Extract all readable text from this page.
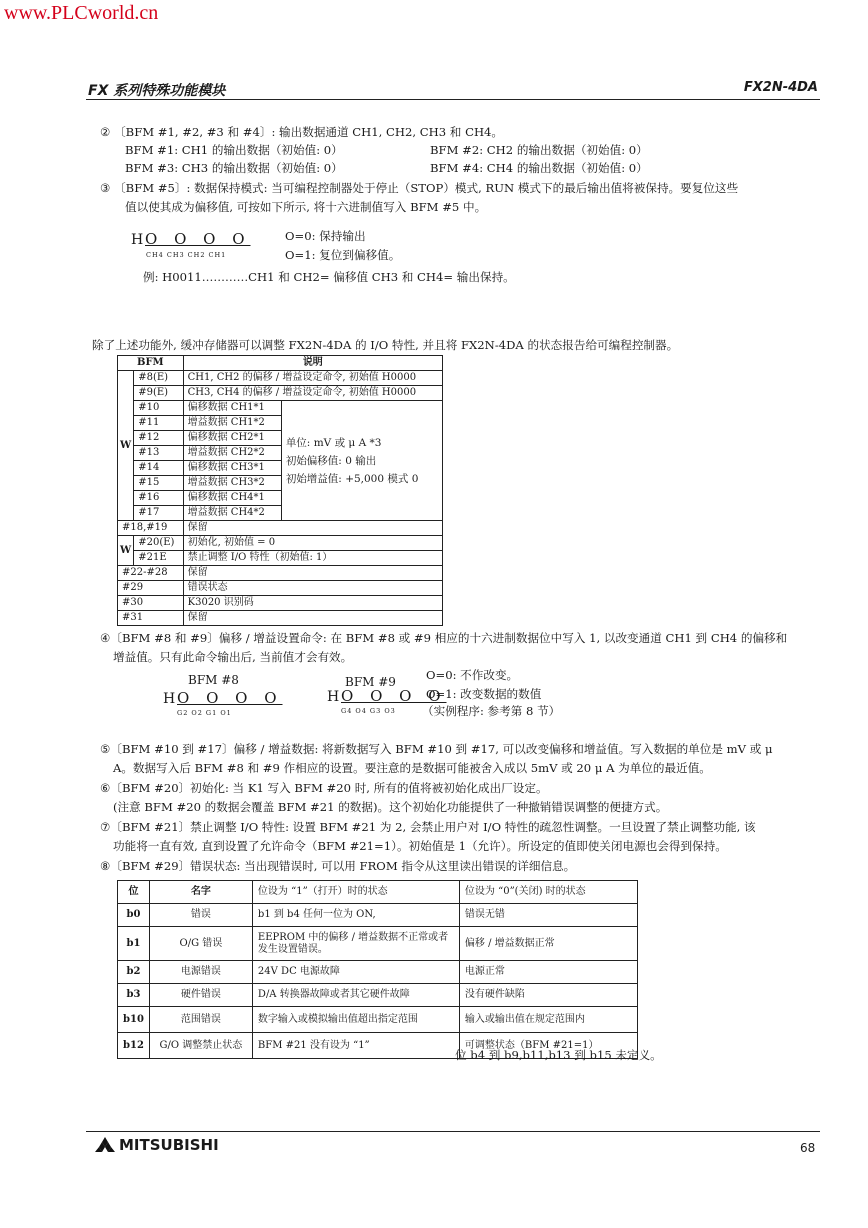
www.PLCworld.cn
FX 系列特殊功能模块	FX2N-4DA
② 〔BFM #1, #2, #3 和 #4〕: 输出数据通道 CH1, CH2, CH3 和 CH4。
BFM #1: CH1 的输出数据（初始值: 0）	BFM #2: CH2 的输出数据（初始值: 0）
BFM #3: CH3 的输出数据（初始值: 0）	BFM #4: CH4 的输出数据（初始值: 0）
③ 〔BFM #5〕: 数据保持模式: 当可编程控制器处于停止（STOP）模式, RUN 模式下的最后输出值将被保持。要复位这些
值以使其成为偏移值, 可按如下所示, 将十六进制值写入 BFM #5 中。
H O O O O
CH4 CH3 CH2 CH1
O=0: 保持输出
O=1: 复位到偏移值。
例: H0011…………CH1 和 CH2= 偏移值 CH3 和 CH4= 输出保持。
除了上述功能外, 缓冲存储器可以调整 FX2N-4DA 的 I/O 特性, 并且将 FX2N-4DA 的状态报告给可编程控制器。
BFM		说明	
W	#8(E)	CH1, CH2 的偏移 / 增益设定命令, 初始值 H0000	
	#9(E)	CH3, CH4 的偏移 / 增益设定命令, 初始值 H0000	
	#10	偏移数据 CH1*1	单位: mV 或 μ A *3
初始偏移值: 0 输出
初始增益值: +5,000 模式 0

	#11	增益数据 CH1*2	
	#12	偏移数据 CH2*1	
	#13	增益数据 CH2*2	
	#14	偏移数据 CH3*1	
	#15	增益数据 CH3*2	
	#16	偏移数据 CH4*1	
	#17	增益数据 CH4*2	
#18,#19		保留	
W	#20(E)	初始化, 初始值 = 0	
	#21E	禁止调整 I/O 特性（初始值: 1）	
#22-#28		保留	
#29		错误状态	
#30		K3020 识别码	
#31		保留	
④〔BFM #8 和 #9〕偏移 / 增益设置命令: 在 BFM #8 或 #9 相应的十六进制数据位中写入 1, 以改变通道 CH1 到 CH4 的偏移和
增益值。只有此命令输出后, 当前值才会有效。
BFM #8	BFM #9
H O O O O
G2 O2 G1 O1
H O O O O
G4 O4 G3 O3
O=0: 不作改变。
O=1: 改变数据的数值
（实例程序: 参考第 8 节）
⑤〔BFM #10 到 #17〕偏移 / 增益数据: 将新数据写入 BFM #10 到 #17, 可以改变偏移和增益值。写入数据的单位是 mV 或 μ
A。数据写入后 BFM #8 和 #9 作相应的设置。要注意的是数据可能被舍入成以 5mV 或 20 μ A 为单位的最近值。
⑥〔BFM #20〕初始化: 当 K1 写入 BFM #20 时, 所有的值将被初始化成出厂设定。
(注意 BFM #20 的数据会覆盖 BFM #21 的数据)。这个初始化功能提供了一种撤销错误调整的便捷方式。
⑦〔BFM #21〕禁止调整 I/O 特性: 设置 BFM #21 为 2, 会禁止用户对 I/O 特性的疏忽性调整。一旦设置了禁止调整功能, 该
功能将一直有效, 直到设置了允许命令（BFM #21=1）。初始值是 1（允许）。所设定的值即使关闭电源也会得到保持。
⑧〔BFM #29〕错误状态: 当出现错误时, 可以用 FROM 指令从这里读出错误的详细信息。
位	名字	位设为 “1”（打开）时的状态	位设为 “0”(关闭) 时的状态
b0	错误	b1 到 b4 任何一位为 ON,	错误无错
b1	O/G 错误	EEPROM 中的偏移 / 增益数据不正常或者发生设置错误。	偏移 / 增益数据正常
b2	电源错误	24V DC 电源故障	电源正常
b3	硬件错误	D/A 转换器故障或者其它硬件故障	没有硬件缺陷
b10	范围错误	数字输入或模拟输出值超出指定范围	输入或输出值在规定范围内
b12	G/O 调整禁止状态	BFM #21 没有设为 “1”	可调整状态（BFM #21=1）
位 b4 到 b9,b11,b13 到 b15 未定义。
MITSUBISHI	68
